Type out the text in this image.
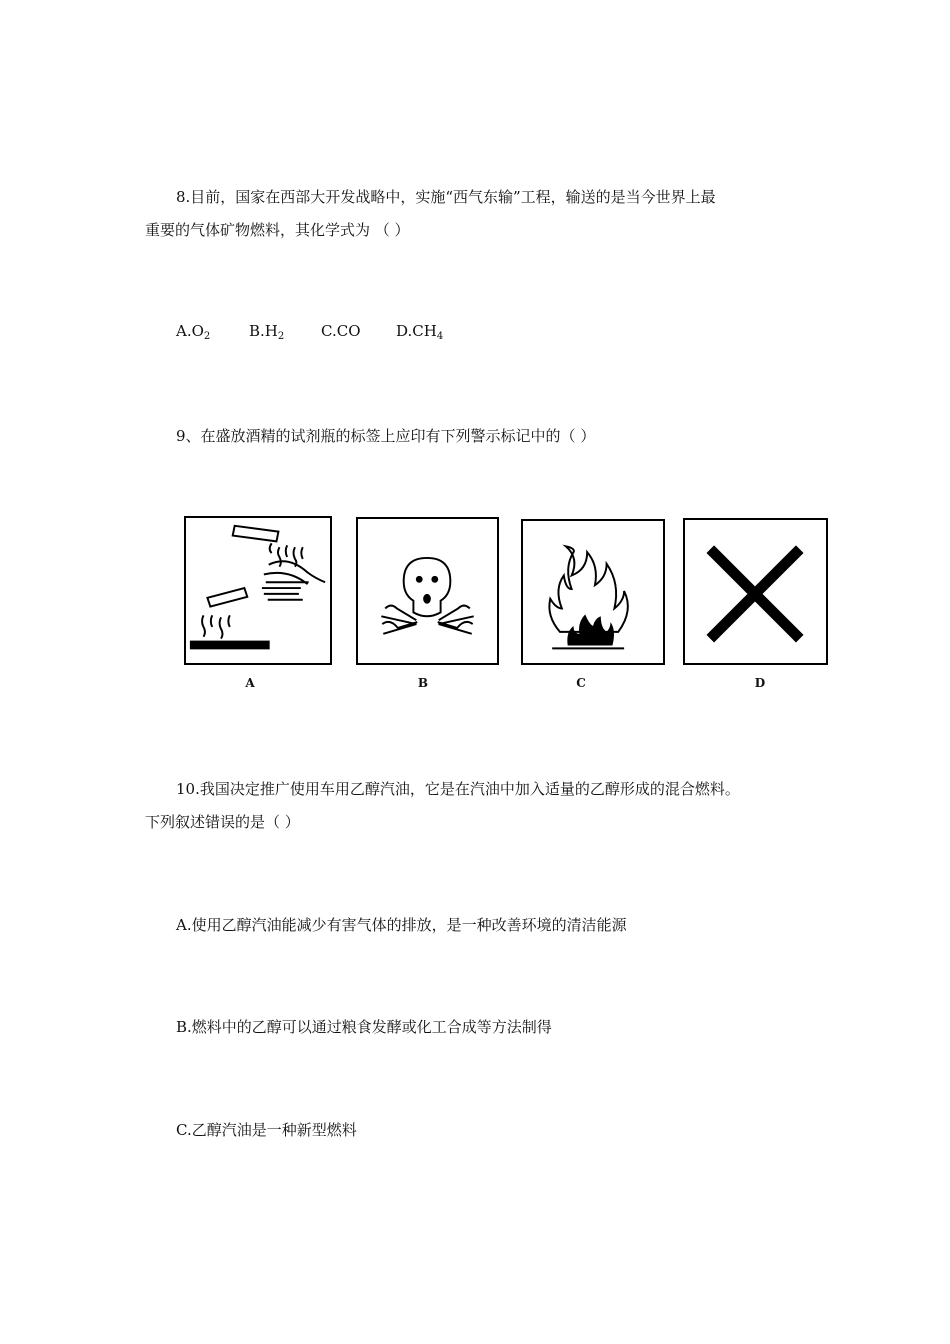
8.目前，国家在西部大开发战略中，实施“西气东输”工程，输送的是当今世界上最
重要的气体矿物燃料，其化学式为 （ ）
$A.O_2$	$B.H_2$ C.CO $D.CH_4$
9、在盛放酒精的试剂瓶的标签上应印有下列警示标记中的（ ）
A	B	C	D
10.我国决定推广使用车用乙醇汽油，它是在汽油中加入适量的乙醇形成的混合燃料。
下列叙述错误的是（ ）
A.使用乙醇汽油能减少有害气体的排放，是一种改善环境的清洁能源
B.燃料中的乙醇可以通过粮食发酵或化工合成等方法制得
C.乙醇汽油是一种新型燃料
